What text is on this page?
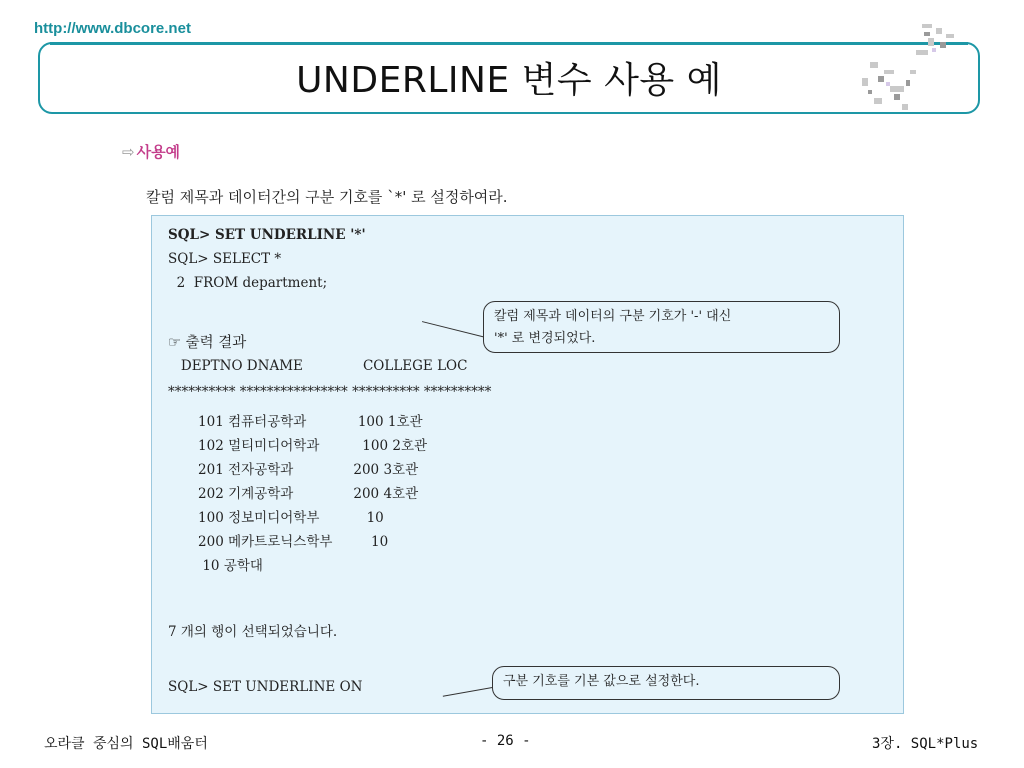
http://www.dbcore.net
UNDERLINE 변수 사용 예
⇨ 사용예
칼럼 제목과 데이터간의 구분 기호를 `*' 로 설정하여라.
SQL> SET UNDERLINE '*'
SQL> SELECT *
2  FROM department;
☞ 출력 결과
DEPTNO DNAME              COLLEGE LOC
********** **************** ********** **********
101 컴퓨터공학과            100 1호관
102 멀티미디어학과          100 2호관
201 전자공학과              200 3호관
202 기계공학과              200 4호관
100 정보미디어학부           10
200 메카트로닉스학부         10
10 공학대
7 개의 행이 선택되었습니다.
SQL> SET UNDERLINE ON
칼럼 제목과 데이터의 구분 기호가 '-' 대신
'*' 로 변경되었다.
구분 기호를 기본 값으로 설정한다.
오라클 중심의 SQL배움터	- 26 -	3장. SQL*Plus
